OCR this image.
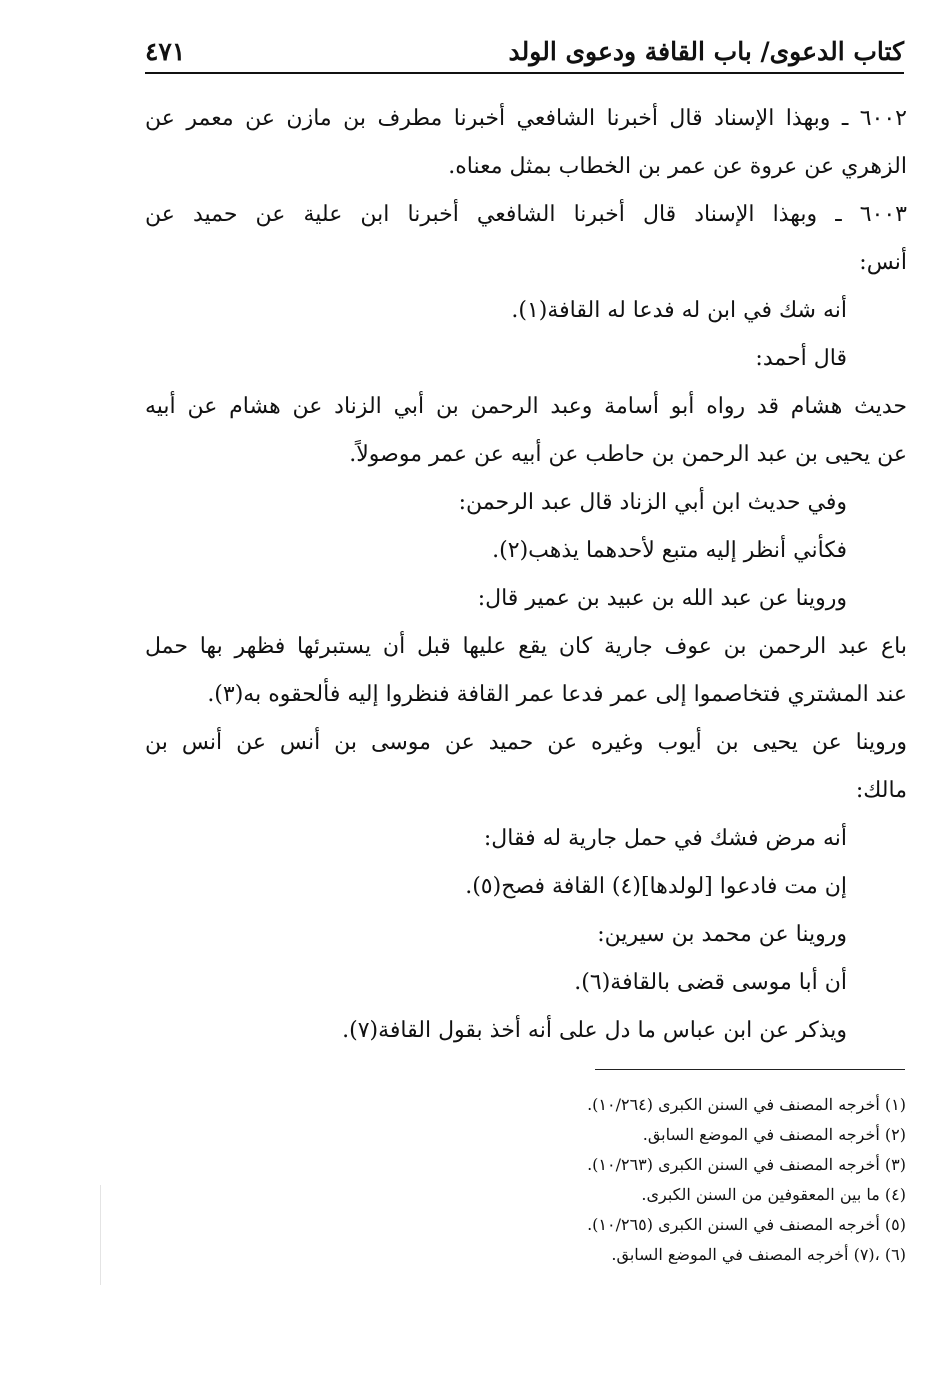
كتاب الدعوى/ باب القافة ودعوى الولد
٤٧١
٦٠٠٢ ـ وبهذا الإسناد قال أخبرنا الشافعي أخبرنا مطرف بن مازن عن معمر عن
الزهري عن عروة عن عمر بن الخطاب بمثل معناه.
٦٠٠٣ ـ وبهذا الإسناد قال أخبرنا الشافعي أخبرنا ابن علية عن حميد عن
أنس:
أنه شك في ابن له فدعا له القافة(١).
قال أحمد:
حديث هشام قد رواه أبو أسامة وعبد الرحمن بن أبي الزناد عن هشام عن أبيه
عن يحيى بن عبد الرحمن بن حاطب عن أبيه عن عمر موصولاً.
وفي حديث ابن أبي الزناد قال عبد الرحمن:
فكأني أنظر إليه متبع لأحدهما يذهب(٢).
وروينا عن عبد الله بن عبيد بن عمير قال:
باع عبد الرحمن بن عوف جارية كان يقع عليها قبل أن يستبرئها فظهر بها حمل
عند المشتري فتخاصموا إلى عمر فدعا عمر القافة فنظروا إليه فألحقوه به(٣).
وروينا عن يحيى بن أيوب وغيره عن حميد عن موسى بن أنس عن أنس بن
مالك:
أنه مرض فشك في حمل جارية له فقال:
إن مت فادعوا [لولدها](٤) القافة فصح(٥).
وروينا عن محمد بن سيرين:
أن أبا موسى قضى بالقافة(٦).
ويذكر عن ابن عباس ما دل على أنه أخذ بقول القافة(٧).
(١) أخرجه المصنف في السنن الكبرى (١٠/٢٦٤).
(٢) أخرجه المصنف في الموضع السابق.
(٣) أخرجه المصنف في السنن الكبرى (١٠/٢٦٣).
(٤) ما بين المعقوفين من السنن الكبرى.
(٥) أخرجه المصنف في السنن الكبرى (١٠/٢٦٥).
(٦) ،(٧) أخرجه المصنف في الموضع السابق.
